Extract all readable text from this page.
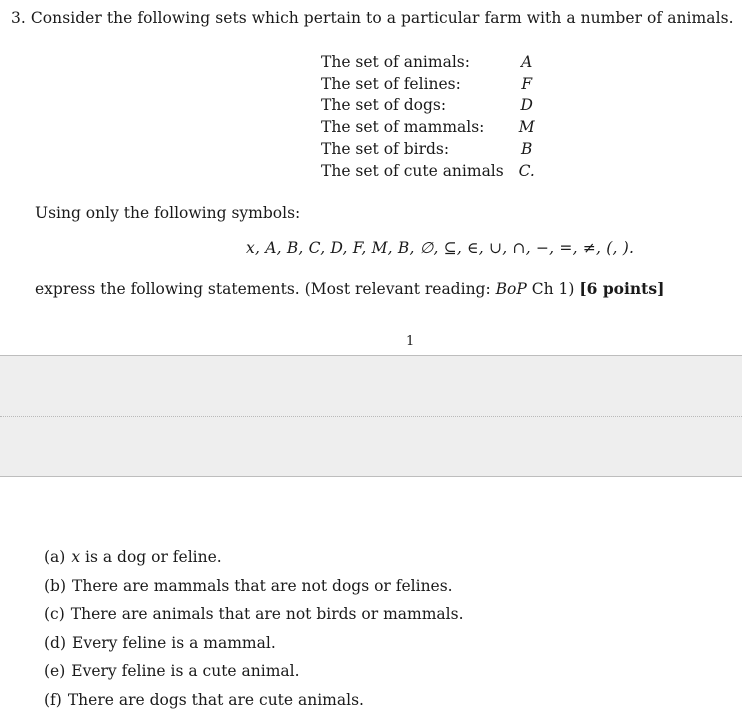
3. Consider the following sets which pertain to a particular farm with a number of animals.
The set of animals:	A
The set of felines:	F
The set of dogs:	D
The set of mammals:	M
The set of birds:	B
The set of cute animals	C.
Using only the following symbols:
x, A, B, C, D, F, M, B, ∅, ⊆, ∈, ∪, ∩, −, =, ≠, (, ).
express the following statements. (Most relevant reading: BoP Ch 1) [6 points]
1
(a) x is a dog or feline.
(b) There are mammals that are not dogs or felines.
(c) There are animals that are not birds or mammals.
(d) Every feline is a mammal.
(e) Every feline is a cute animal.
(f) There are dogs that are cute animals.
